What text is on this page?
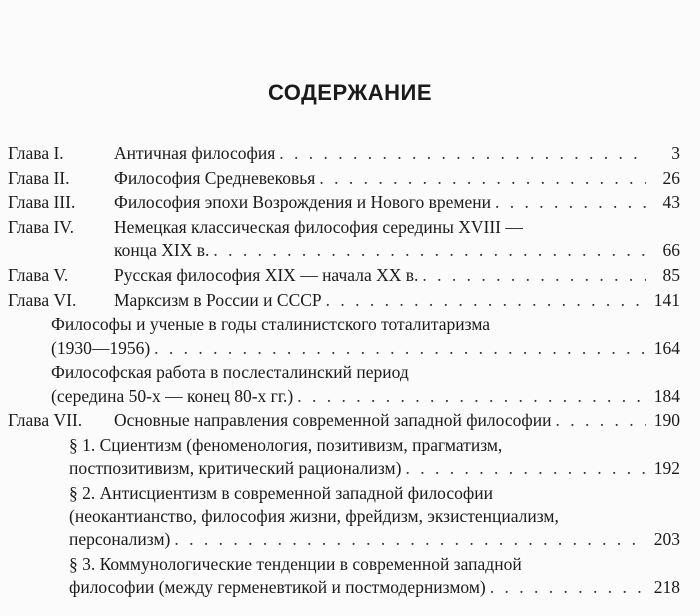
СОДЕРЖАНИЕ
Глава I.	Античная философия . . .	3
Глава II.	Философия Средневековья . . .	26
Глава III.	Философия эпохи Возрождения и Нового времени . . .	43
Глава IV.	Немецкая классическая философия середины XVIII —
конца XIX в. . . .	66
Глава V.	Русская философия XIX — начала XX в. . . .	85
Глава VI.	Марксизм в России и СССР . . .	141
Философы и ученые в годы сталинистского тоталитаризма
(1930—1956) . . .	164
Философская работа в послесталинский период
(середина 50-х — конец 80-х гг.) . . .	184
Глава VII.	Основные направления современной западной философии . . .	190
§ 1. Сциентизм (феноменология, позитивизм, прагматизм,
постпозитивизм, критический рационализм) . . .	192
§ 2. Антисциентизм в современной западной философии
(неокантианство, философия жизни, фрейдизм, экзистенциализм,
персонализм) . . .	203
§ 3. Коммунологические тенденции в современной западной
философии (между герменевтикой и постмодернизмом) . . .	218
